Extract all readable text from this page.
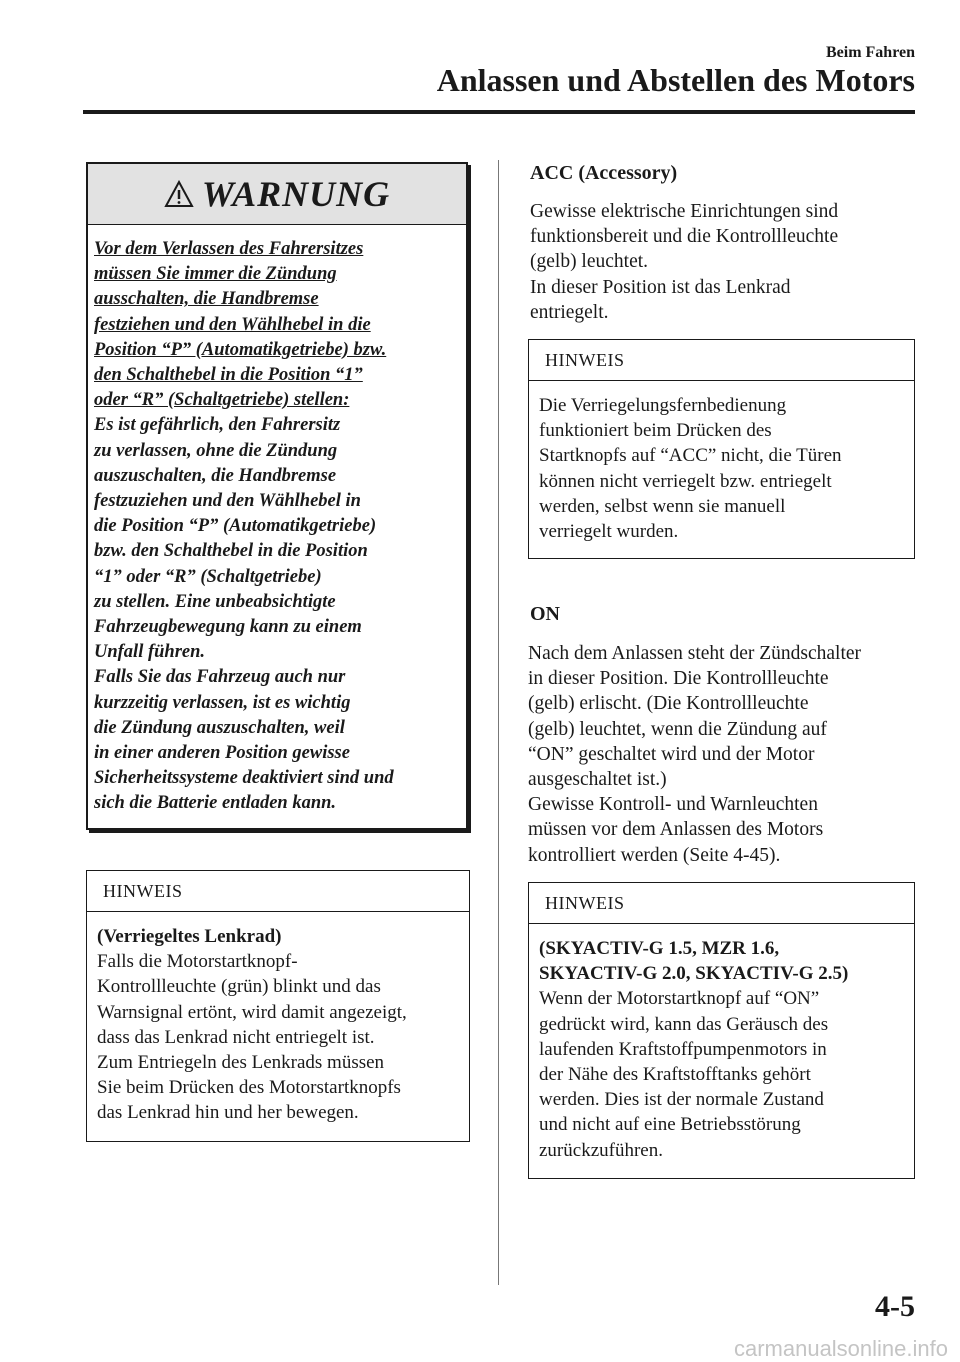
Beim Fahren
Anlassen und Abstellen des Motors
WARNUNG
Vor dem Verlassen des Fahrersitzes
müssen Sie immer die Zündung
ausschalten, die Handbremse
festziehen und den Wählhebel in die
Position “P” (Automatikgetriebe) bzw.
den Schalthebel in die Position “1”
oder “R” (Schaltgetriebe) stellen:
Es ist gefährlich, den Fahrersitz
zu verlassen, ohne die Zündung
auszuschalten, die Handbremse
festzuziehen und den Wählhebel in
die Position “P” (Automatikgetriebe)
bzw. den Schalthebel in die Position
“1” oder “R” (Schaltgetriebe)
zu stellen. Eine unbeabsichtigte
Fahrzeugbewegung kann zu einem
Unfall führen.
Falls Sie das Fahrzeug auch nur
kurzzeitig verlassen, ist es wichtig
die Zündung auszuschalten, weil
in einer anderen Position gewisse
Sicherheitssysteme deaktiviert sind und
sich die Batterie entladen kann.
HINWEIS
(Verriegeltes Lenkrad)
Falls die Motorstartknopf-
Kontrollleuchte (grün) blinkt und das
Warnsignal ertönt, wird damit angezeigt,
dass das Lenkrad nicht entriegelt ist.
Zum Entriegeln des Lenkrads müssen
Sie beim Drücken des Motorstartknopfs
das Lenkrad hin und her bewegen.
ACC (Accessory)
Gewisse elektrische Einrichtungen sind
funktionsbereit und die Kontrollleuchte
(gelb) leuchtet.
In dieser Position ist das Lenkrad
entriegelt.
HINWEIS
Die Verriegelungsfernbedienung
funktioniert beim Drücken des
Startknopfs auf “ACC” nicht, die Türen
können nicht verriegelt bzw. entriegelt
werden, selbst wenn sie manuell
verriegelt wurden.
ON
Nach dem Anlassen steht der Zündschalter
in dieser Position. Die Kontrollleuchte
(gelb) erlischt. (Die Kontrollleuchte
(gelb) leuchtet, wenn die Zündung auf
“ON” geschaltet wird und der Motor
ausgeschaltet ist.)
Gewisse Kontroll- und Warnleuchten
müssen vor dem Anlassen des Motors
kontrolliert werden (Seite 4-45).
HINWEIS
(SKYACTIV-G 1.5, MZR 1.6,
SKYACTIV-G 2.0, SKYACTIV-G 2.5)
Wenn der Motorstartknopf auf “ON”
gedrückt wird, kann das Geräusch des
laufenden Kraftstoffpumpenmotors in
der Nähe des Kraftstofftanks gehört
werden. Dies ist der normale Zustand
und nicht auf eine Betriebsstörung
zurückzuführen.
4-5
carmanualsonline.info
